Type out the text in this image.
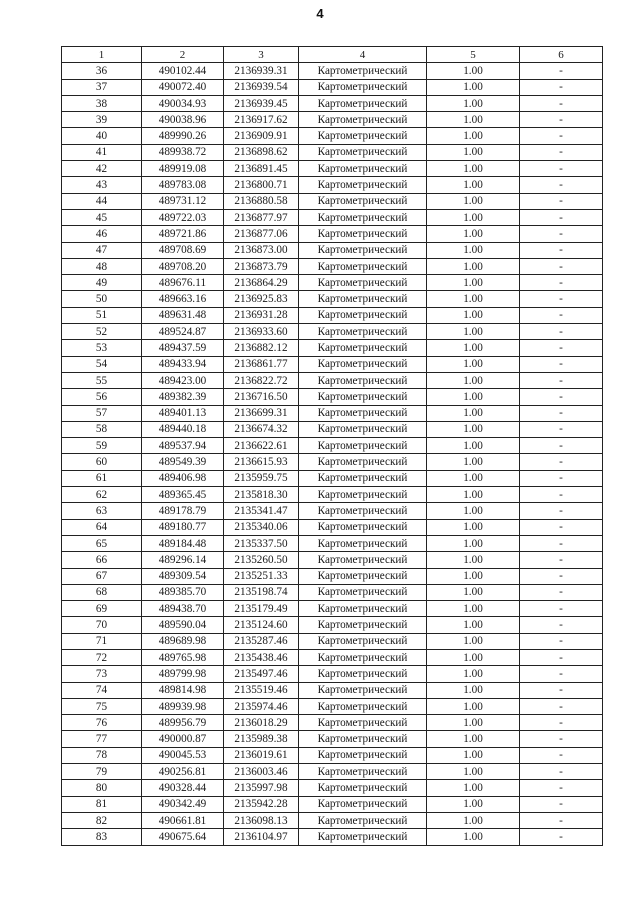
4
1	2	3	4	5	6
36	490102.44	2136939.31	Картометрический	1.00	-
37	490072.40	2136939.54	Картометрический	1.00	-
38	490034.93	2136939.45	Картометрический	1.00	-
39	490038.96	2136917.62	Картометрический	1.00	-
40	489990.26	2136909.91	Картометрический	1.00	-
41	489938.72	2136898.62	Картометрический	1.00	-
42	489919.08	2136891.45	Картометрический	1.00	-
43	489783.08	2136800.71	Картометрический	1.00	-
44	489731.12	2136880.58	Картометрический	1.00	-
45	489722.03	2136877.97	Картометрический	1.00	-
46	489721.86	2136877.06	Картометрический	1.00	-
47	489708.69	2136873.00	Картометрический	1.00	-
48	489708.20	2136873.79	Картометрический	1.00	-
49	489676.11	2136864.29	Картометрический	1.00	-
50	489663.16	2136925.83	Картометрический	1.00	-
51	489631.48	2136931.28	Картометрический	1.00	-
52	489524.87	2136933.60	Картометрический	1.00	-
53	489437.59	2136882.12	Картометрический	1.00	-
54	489433.94	2136861.77	Картометрический	1.00	-
55	489423.00	2136822.72	Картометрический	1.00	-
56	489382.39	2136716.50	Картометрический	1.00	-
57	489401.13	2136699.31	Картометрический	1.00	-
58	489440.18	2136674.32	Картометрический	1.00	-
59	489537.94	2136622.61	Картометрический	1.00	-
60	489549.39	2136615.93	Картометрический	1.00	-
61	489406.98	2135959.75	Картометрический	1.00	-
62	489365.45	2135818.30	Картометрический	1.00	-
63	489178.79	2135341.47	Картометрический	1.00	-
64	489180.77	2135340.06	Картометрический	1.00	-
65	489184.48	2135337.50	Картометрический	1.00	-
66	489296.14	2135260.50	Картометрический	1.00	-
67	489309.54	2135251.33	Картометрический	1.00	-
68	489385.70	2135198.74	Картометрический	1.00	-
69	489438.70	2135179.49	Картометрический	1.00	-
70	489590.04	2135124.60	Картометрический	1.00	-
71	489689.98	2135287.46	Картометрический	1.00	-
72	489765.98	2135438.46	Картометрический	1.00	-
73	489799.98	2135497.46	Картометрический	1.00	-
74	489814.98	2135519.46	Картометрический	1.00	-
75	489939.98	2135974.46	Картометрический	1.00	-
76	489956.79	2136018.29	Картометрический	1.00	-
77	490000.87	2135989.38	Картометрический	1.00	-
78	490045.53	2136019.61	Картометрический	1.00	-
79	490256.81	2136003.46	Картометрический	1.00	-
80	490328.44	2135997.98	Картометрический	1.00	-
81	490342.49	2135942.28	Картометрический	1.00	-
82	490661.81	2136098.13	Картометрический	1.00	-
83	490675.64	2136104.97	Картометрический	1.00	-
